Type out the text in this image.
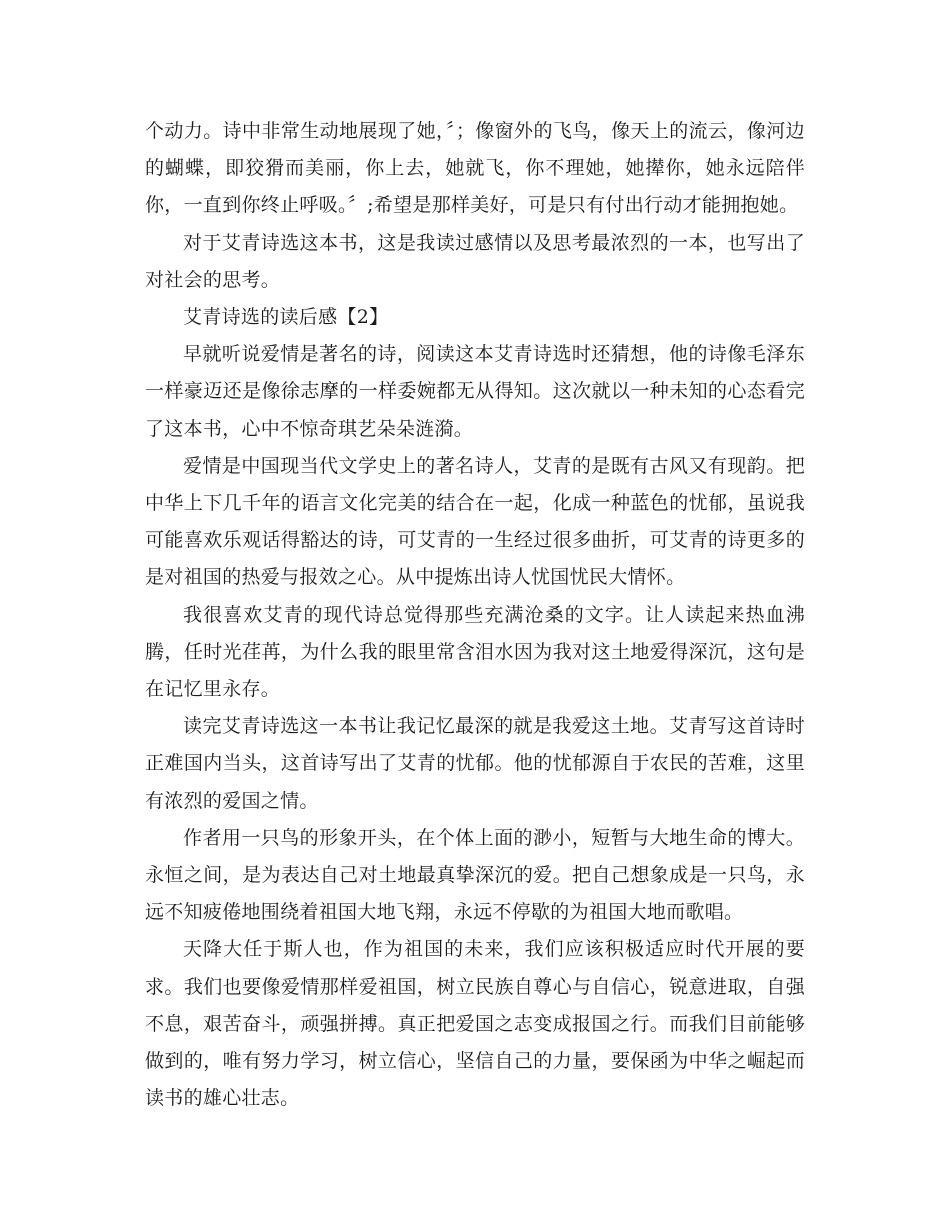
个动力。诗中非常生动地展现了她，〞；像窗外的飞鸟，像天上的流云，像河边的蝴蝶，即狡猾而美丽，你上去，她就飞，你不理她，她撵你，她永远陪伴你，一直到你终止呼吸。〞;希望是那样美好，可是只有付出行动才能拥抱她。

对于艾青诗选这本书，这是我读过感情以及思考最浓烈的一本，也写出了对社会的思考。

艾青诗选的读后感【2】

早就听说爱情是著名的诗，阅读这本艾青诗选时还猜想，他的诗像毛泽东一样豪迈还是像徐志摩的一样委婉都无从得知。这次就以一种未知的心态看完了这本书，心中不惊奇琪艺朵朵涟漪。

爱情是中国现当代文学史上的著名诗人，艾青的是既有古风又有现韵。把中华上下几千年的语言文化完美的结合在一起，化成一种蓝色的忧郁，虽说我可能喜欢乐观话得豁达的诗，可艾青的一生经过很多曲折，可艾青的诗更多的是对祖国的热爱与报效之心。从中提炼出诗人忧国忧民大情怀。

我很喜欢艾青的现代诗总觉得那些充满沧桑的文字。让人读起来热血沸腾，任时光荏苒，为什么我的眼里常含泪水因为我对这土地爱得深沉，这句是在记忆里永存。

读完艾青诗选这一本书让我记忆最深的就是我爱这土地。艾青写这首诗时正难国内当头，这首诗写出了艾青的忧郁。他的忧郁源自于农民的苦难，这里有浓烈的爱国之情。

作者用一只鸟的形象开头，在个体上面的渺小，短暂与大地生命的博大。永恒之间，是为表达自己对土地最真挚深沉的爱。把自己想象成是一只鸟，永远不知疲倦地围绕着祖国大地飞翔，永远不停歇的为祖国大地而歌唱。

天降大任于斯人也，作为祖国的未来，我们应该积极适应时代开展的要求。我们也要像爱情那样爱祖国，树立民族自尊心与自信心，锐意进取，自强不息，艰苦奋斗，顽强拼搏。真正把爱国之志变成报国之行。而我们目前能够做到的，唯有努力学习，树立信心，坚信自己的力量，要保函为中华之崛起而读书的雄心壮志。
